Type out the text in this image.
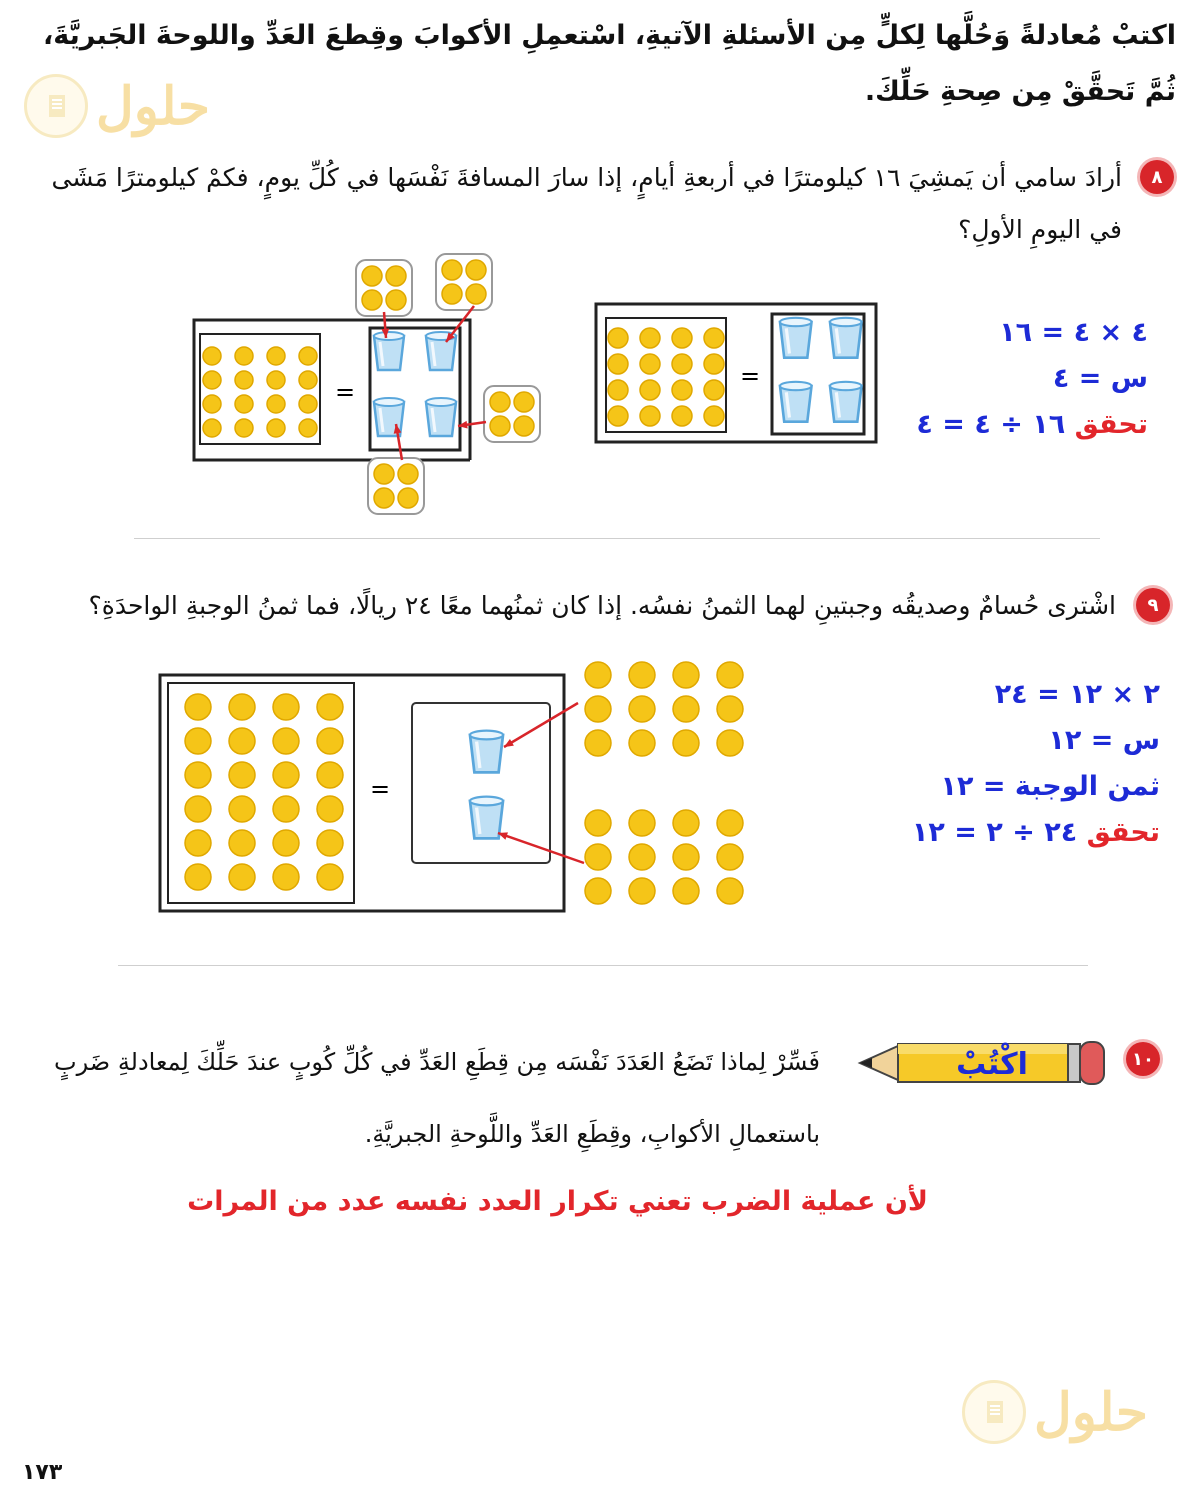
اكتبْ مُعادلةً وَحُلَّها لِكلٍّ مِن الأسئلةِ الآتيةِ، اسْتعمِلِ الأكوابَ وقِطعَ العَدِّ واللوحةَ الجَبريَّةَ، ثُمَّ تَحقَّقْ مِن صِحةِ حَلِّكَ.
حلول
حلول
٨
أرادَ سامي أن يَمشِيَ ١٦ كيلومترًا في أربعةِ أيامٍ، إذا سارَ المسافةَ نَفْسَها في كُلِّ يومٍ، فكمْ كيلومترًا مَشَى في اليومِ الأولِ؟
=
=
٤ × ٤ = ١٦
س = ٤
تحقق ١٦ ÷ ٤ = ٤
٩
اشْترى حُسامٌ وصديقُه وجبتينِ لهما الثمنُ نفسُه. إذا كان ثمنُهما معًا ٢٤ ريالًا، فما ثمنُ الوجبةِ الواحدَةِ؟
=
٢ × ١٢ = ٢٤
س = ١٢
ثمن الوجبة = ١٢
تحقق ٢٤ ÷ ٢ = ١٢
١٠
اكْتُبْ
فَسِّرْ لِماذا تَضَعُ العَدَدَ نَفْسَه مِن قِطَعِ العَدِّ في كُلِّ كُوبٍ عندَ حَلِّكَ لِمعادلةِ ضَربٍ
باستعمالِ الأكوابِ، وقِطَعِ العَدِّ واللَّوحةِ الجبريَّةِ.
لأن عملية الضرب تعني تكرار العدد نفسه عدد من المرات
١٧٣
